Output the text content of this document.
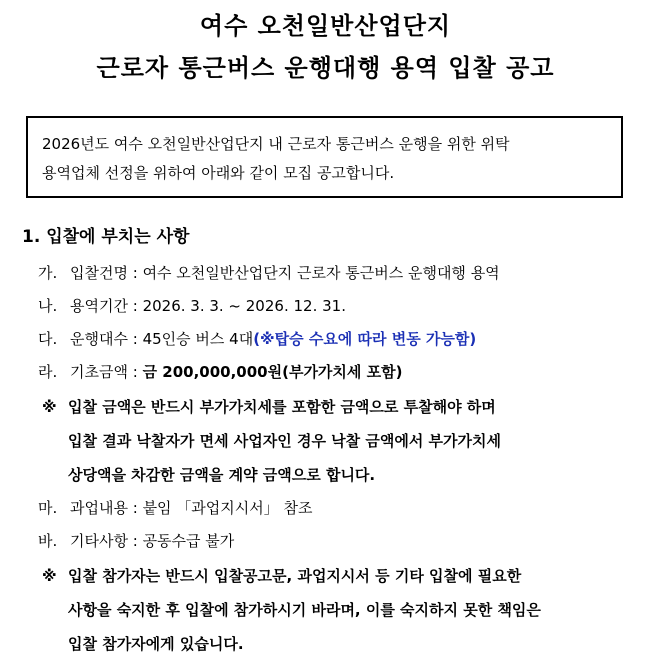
여수 오천일반산업단지
근로자 통근버스 운행대행 용역 입찰 공고
2026년도 여수 오천일반산업단지 내 근로자 통근버스 운행을 위한 위탁
용역업체 선정을 위하여 아래와 같이 모집 공고합니다.
1. 입찰에 부치는 사항
가. 입찰건명 : 여수 오천일반산업단지 근로자 통근버스 운행대행 용역
나. 용역기간 : 2026. 3. 3. ~ 2026. 12. 31.
다. 운행대수 : 45인승 버스 4대(※탑승 수요에 따라 변동 가능함)
라. 기초금액 : 금 200,000,000원(부가가치세 포함)
※ 입찰 금액은 반드시 부가가치세를 포함한 금액으로 투찰해야 하며
입찰 결과 낙찰자가 면세 사업자인 경우 낙찰 금액에서 부가가치세
상당액을 차감한 금액을 계약 금액으로 합니다.
마. 과업내용 : 붙임 「과업지시서」 참조
바. 기타사항 : 공동수급 불가
※ 입찰 참가자는 반드시 입찰공고문, 과업지시서 등 기타 입찰에 필요한
사항을 숙지한 후 입찰에 참가하시기 바라며, 이를 숙지하지 못한 책임은
입찰 참가자에게 있습니다.
